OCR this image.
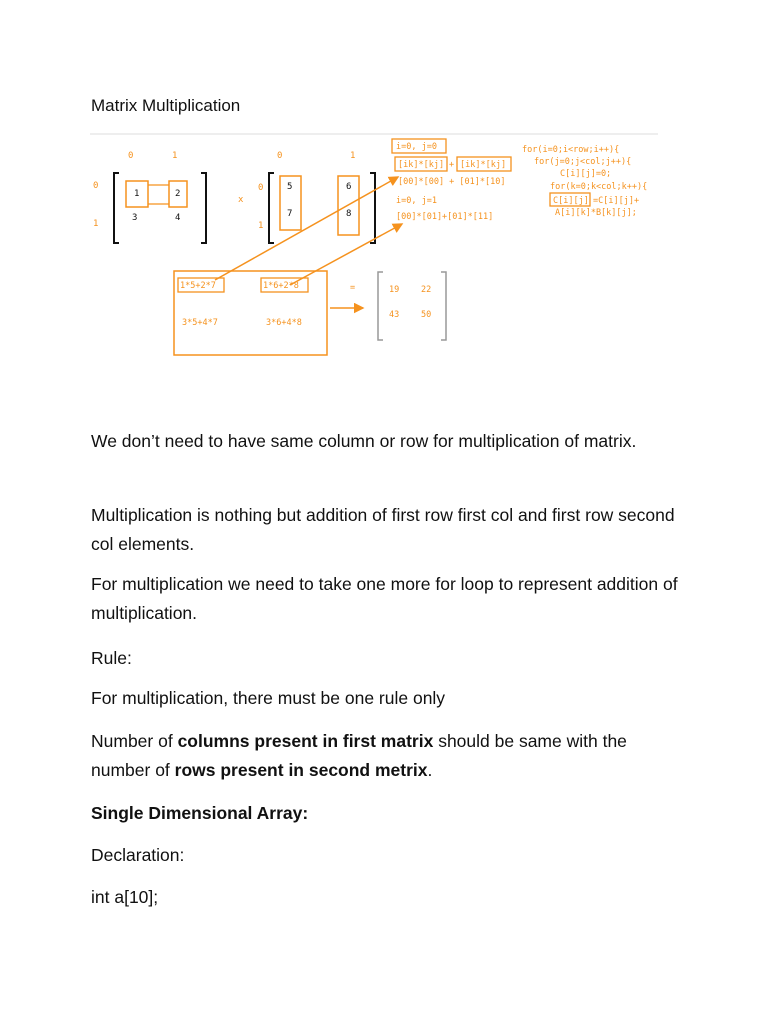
Matrix Multiplication
0	1
0
1
0	1
0
1
x
1	2
3	4
5	6
7	8
i=0, j=0
[ik]*[kj] + [ik]*[kj]
[00]*[00] + [01]*[10]
i=0, j=1
[00]*[01]+[01]*[11]
for(i=0;i<row;i++){
for(j=0;j<col;j++){
C[i][j]=0;
for(k=0;k<col;k++){
C[i][j] =C[i][j]+
A[i][k]*B[k][j];
1*5+2*7	1*6+2*8
3*5+4*7	3*6+4*8
=	19	22
43	50
We don’t need to have same column or row for multiplication of matrix.
Multiplication is nothing but addition of first row first col and first row second col elements.
For multiplication we need to take one more for loop to represent addition of multiplication.
Rule:
For multiplication, there must be one rule only
Number of columns present in first matrix should be same with the number of rows present in second metrix.
Single Dimensional Array:
Declaration:
int a[10];
